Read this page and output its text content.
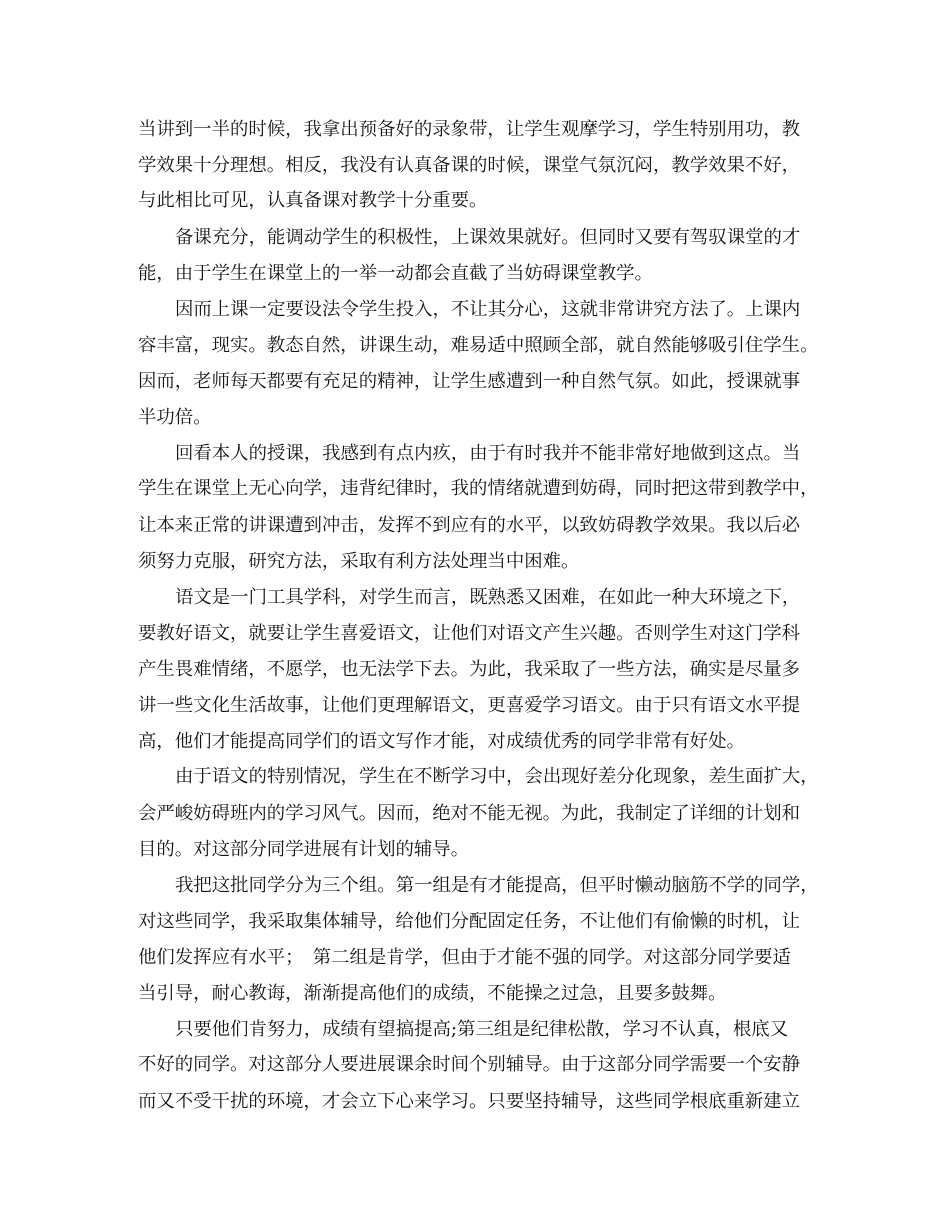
当讲到一半的时候，我拿出预备好的录象带，让学生观摩学习，学生特别用功，教
学效果十分理想。相反，我没有认真备课的时候，课堂气氛沉闷，教学效果不好，
与此相比可见，认真备课对教学十分重要。
备课充分，能调动学生的积极性，上课效果就好。但同时又要有驾驭课堂的才
能，由于学生在课堂上的一举一动都会直截了当妨碍课堂教学。
因而上课一定要设法令学生投入，不让其分心，这就非常讲究方法了。上课内
容丰富，现实。教态自然，讲课生动，难易适中照顾全部，就自然能够吸引住学生。
因而，老师每天都要有充足的精神，让学生感遭到一种自然气氛。如此，授课就事
半功倍。
回看本人的授课，我感到有点内疚，由于有时我并不能非常好地做到这点。当
学生在课堂上无心向学，违背纪律时，我的情绪就遭到妨碍，同时把这带到教学中，
让本来正常的讲课遭到冲击，发挥不到应有的水平，以致妨碍教学效果。我以后必
须努力克服，研究方法，采取有利方法处理当中困难。
语文是一门工具学科，对学生而言，既熟悉又困难，在如此一种大环境之下，
要教好语文，就要让学生喜爱语文，让他们对语文产生兴趣。否则学生对这门学科
产生畏难情绪，不愿学，也无法学下去。为此，我采取了一些方法，确实是尽量多
讲一些文化生活故事，让他们更理解语文，更喜爱学习语文。由于只有语文水平提
高，他们才能提高同学们的语文写作才能，对成绩优秀的同学非常有好处。
由于语文的特别情况，学生在不断学习中，会出现好差分化现象，差生面扩大，
会严峻妨碍班内的学习风气。因而，绝对不能无视。为此，我制定了详细的计划和
目的。对这部分同学进展有计划的辅导。
我把这批同学分为三个组。第一组是有才能提高，但平时懒动脑筋不学的同学，
对这些同学，我采取集体辅导，给他们分配固定任务，不让他们有偷懒的时机，让
他们发挥应有水平；　第二组是肯学，但由于才能不强的同学。对这部分同学要适
当引导，耐心教诲，渐渐提高他们的成绩，不能操之过急，且要多鼓舞。
只要他们肯努力，成绩有望搞提高;第三组是纪律松散，学习不认真，根底又
不好的同学。对这部分人要进展课余时间个别辅导。由于这部分同学需要一个安静
而又不受干扰的环境，才会立下心来学习。只要坚持辅导，这些同学根底重新建立
